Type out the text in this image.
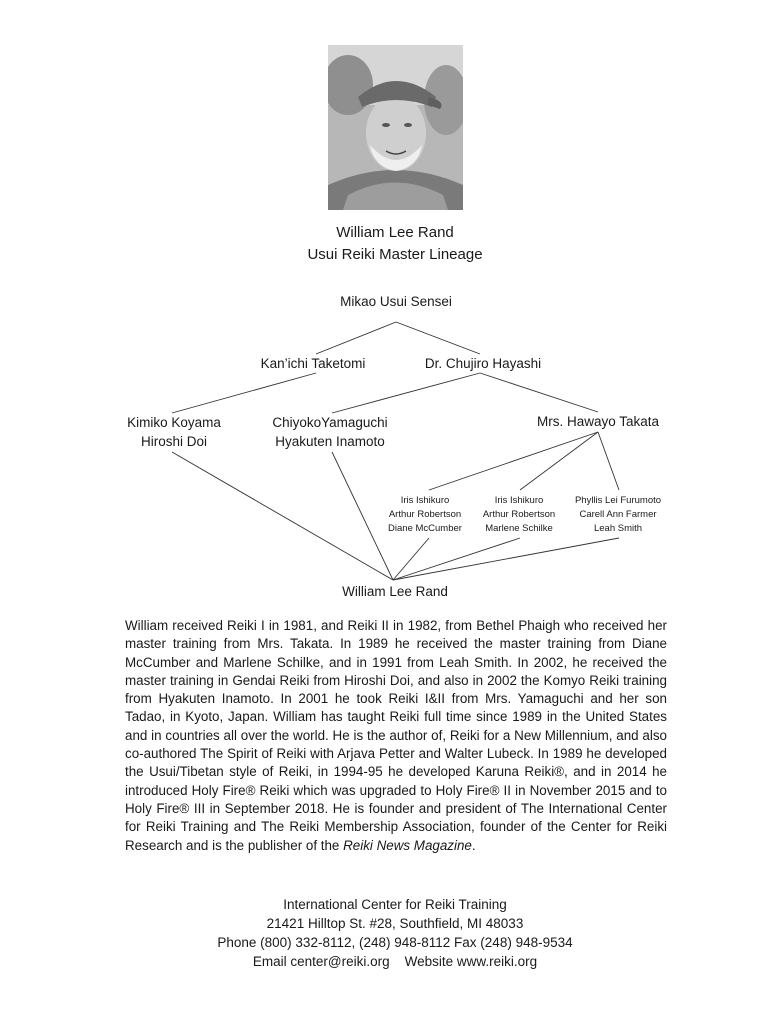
William Lee Rand
Usui Reiki Master Lineage
Mikao Usui Sensei
Kan’ichi Taketomi	Dr. Chujiro Hayashi
Kimiko Koyama
Hiroshi Doi
ChiyokoYamaguchi
Hyakuten Inamoto
Mrs. Hawayo Takata
Iris Ishikuro
Arthur Robertson
Diane McCumber
Iris Ishikuro
Arthur Robertson
Marlene Schilke
Phyllis Lei Furumoto
Carell Ann Farmer
Leah Smith
William Lee Rand
William received Reiki I in 1981, and Reiki II in 1982, from Bethel Phaigh who received her master training from Mrs. Takata. In 1989 he received the master training from Diane McCumber and Marlene Schilke, and in 1991 from Leah Smith. In 2002, he received the master training in Gendai Reiki from Hiroshi Doi, and also in 2002 the Komyo Reiki training from Hyakuten Inamoto. In 2001 he took Reiki I&II from Mrs. Yamaguchi and her son Tadao, in Kyoto, Japan. William has taught Reiki full time since 1989 in the United States and in countries all over the world. He is the author of, Reiki for a New Millennium, and also co-authored The Spirit of Reiki with Arjava Petter and Walter Lubeck. In 1989 he developed the Usui/Tibetan style of Reiki, in 1994-95 he developed Karuna Reiki®, and in 2014 he introduced Holy Fire® Reiki which was upgraded to Holy Fire® II in November 2015 and to Holy Fire® III in September 2018. He is founder and president of The International Center for Reiki Training and The Reiki Membership Association, founder of the Center for Reiki Research and is the publisher of the Reiki News Magazine.
International Center for Reiki Training
21421 Hilltop St. #28, Southfield, MI 48033
Phone (800) 332-8112, (248) 948-8112 Fax (248) 948-9534
Email center@reiki.org    Website www.reiki.org
